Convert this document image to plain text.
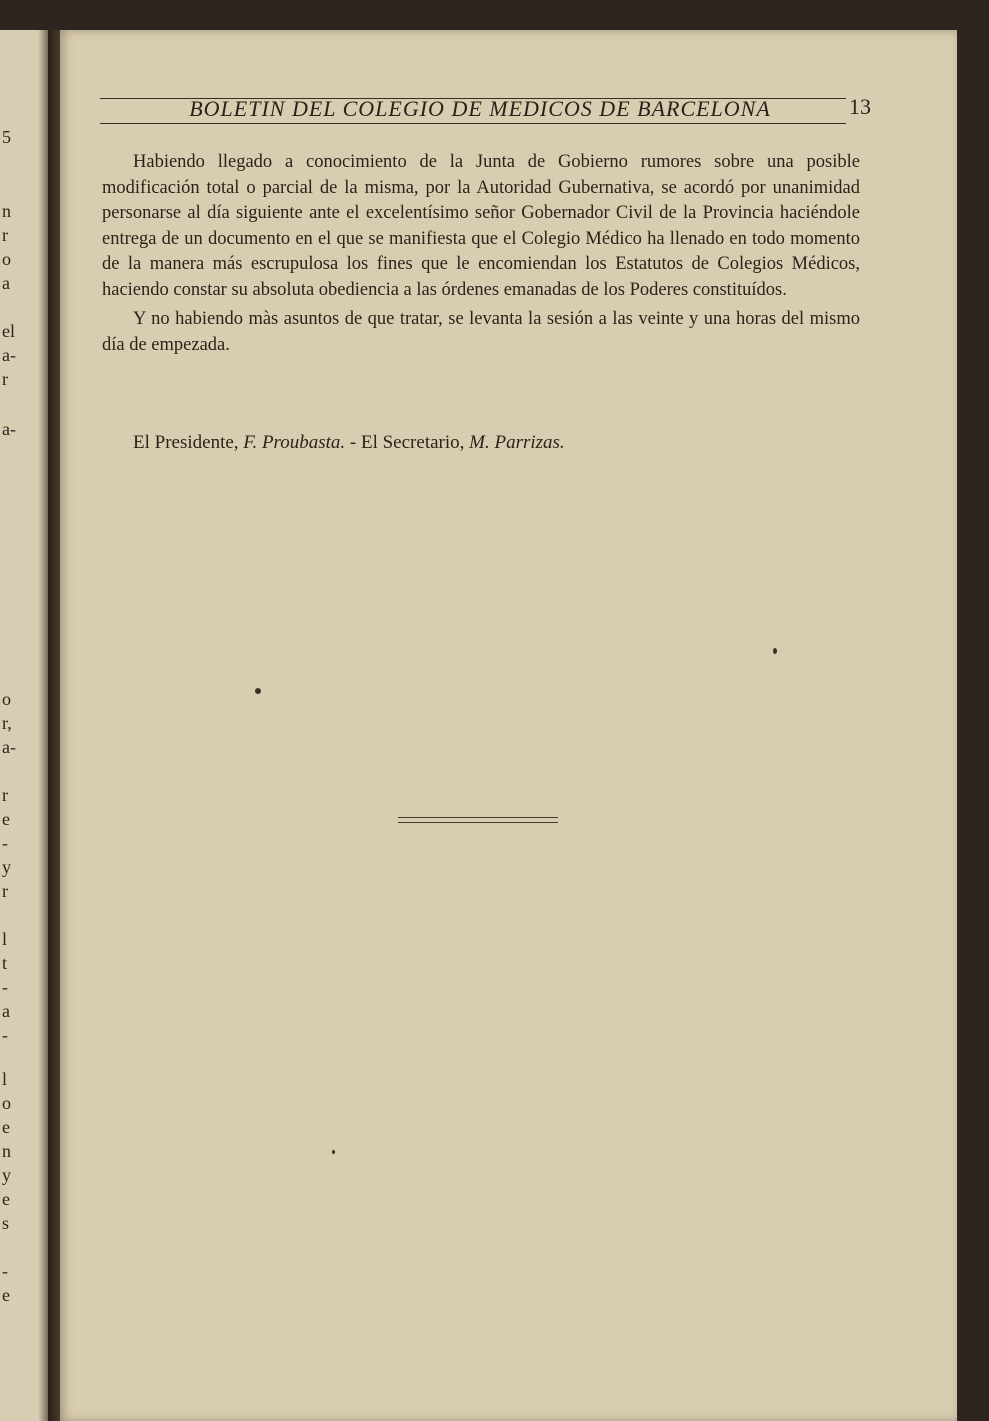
5
n
r
o
a
el
a-
r
a-
o
r,
a-
r
e
-
y
r
l
t
-
a
-
l
o
e
n
y
e
s
-
e
BOLETIN DEL COLEGIO DE MEDICOS DE BARCELONA	13

Habiendo llegado a conocimiento de la Junta de Gobierno rumores sobre una posible modificación total o parcial de la misma, por la Autoridad Gubernativa, se acordó por unanimidad personarse al día siguiente ante el excelentísimo señor Gobernador Civil de la Provincia haciéndole entrega de un documento en el que se manifiesta que el Colegio Médico ha llenado en todo momento de la manera más escrupulosa los fines que le encomiendan los Estatutos de Colegios Médicos, haciendo constar su absoluta obediencia a las órdenes emanadas de los Poderes constituídos.

Y no habiendo màs asuntos de que tratar, se levanta la sesión a las veinte y una horas del mismo día de empezada.

El Presidente, F. Proubasta. - El Secretario, M. Parrizas.
